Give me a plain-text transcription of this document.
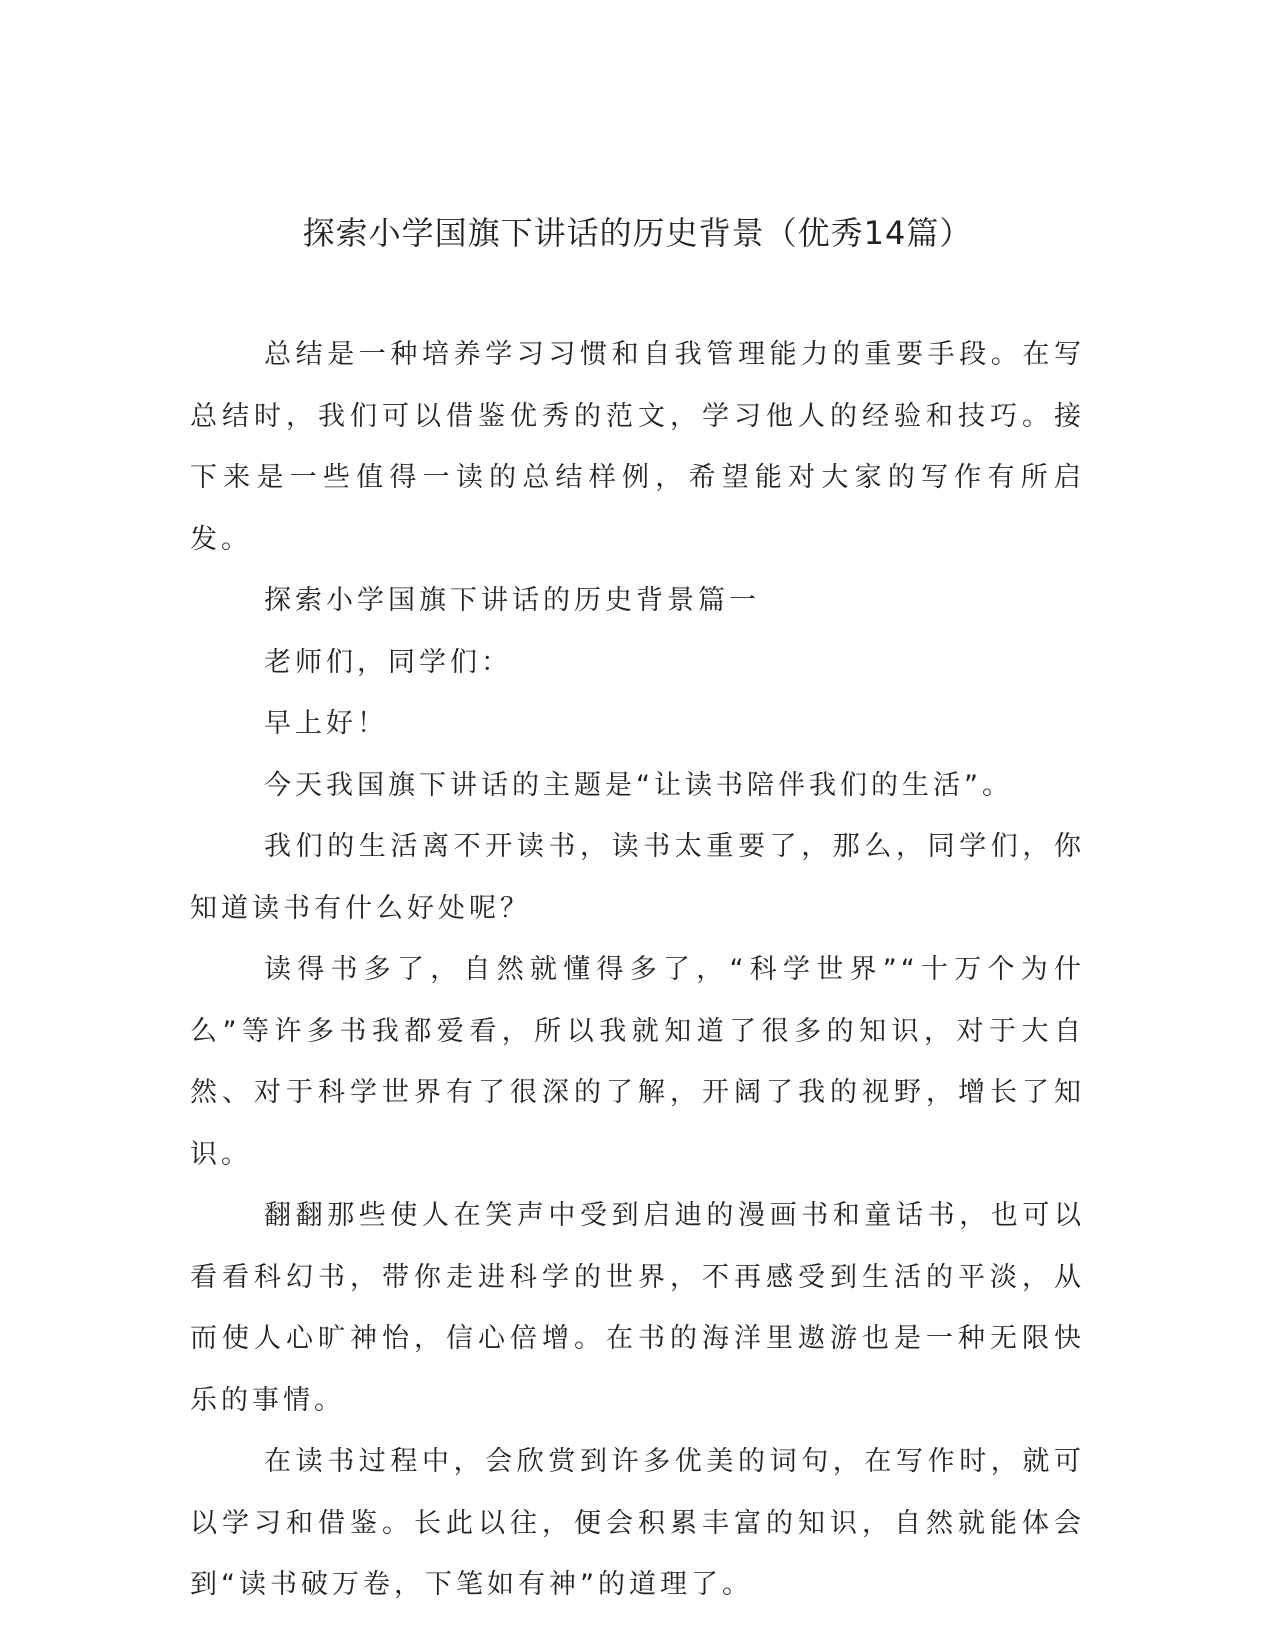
探索小学国旗下讲话的历史背景（优秀14篇）

总结是一种培养学习习惯和自我管理能力的重要手段。在写总结时，我们可以借鉴优秀的范文，学习他人的经验和技巧。接下来是一些值得一读的总结样例，希望能对大家的写作有所启发。

探索小学国旗下讲话的历史背景篇一

老师们，同学们：

早上好！

今天我国旗下讲话的主题是“让读书陪伴我们的生活”。

我们的生活离不开读书，读书太重要了，那么，同学们，你知道读书有什么好处呢？

读得书多了，自然就懂得多了，“科学世界”“十万个为什么”等许多书我都爱看，所以我就知道了很多的知识，对于大自然、对于科学世界有了很深的了解，开阔了我的视野，增长了知识。

翻翻那些使人在笑声中受到启迪的漫画书和童话书，也可以看看科幻书，带你走进科学的世界，不再感受到生活的平淡，从而使人心旷神怡，信心倍增。在书的海洋里遨游也是一种无限快乐的事情。

在读书过程中，会欣赏到许多优美的词句，在写作时，就可以学习和借鉴。长此以往，便会积累丰富的知识，自然就能体会到“读书破万卷，下笔如有神”的道理了。
